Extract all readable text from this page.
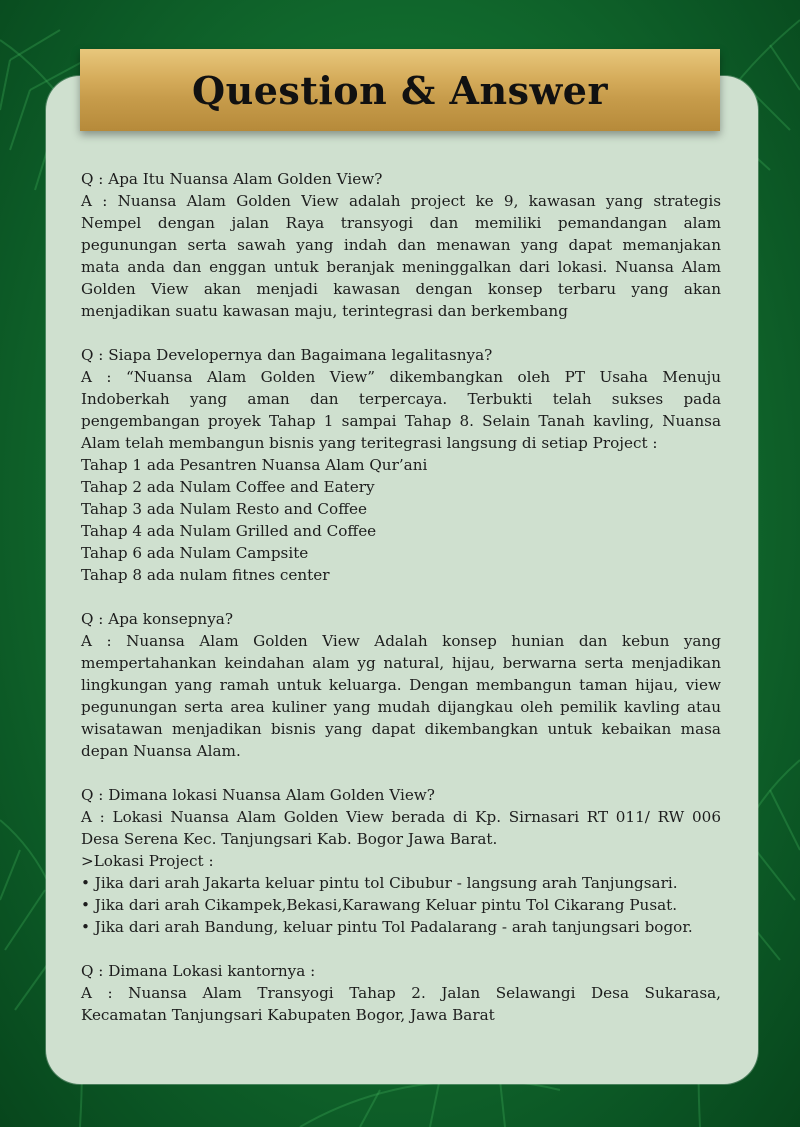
Question & Answer
Q : Apa Itu Nuansa Alam Golden View?
A : Nuansa Alam Golden View adalah project ke 9, kawasan yang strategis
Nempel dengan jalan Raya transyogi dan memiliki pemandangan alam
pegunungan serta sawah yang indah dan menawan yang dapat memanjakan
mata anda dan enggan untuk beranjak meninggalkan dari lokasi. Nuansa Alam
Golden View akan menjadi kawasan dengan konsep terbaru yang akan
menjadikan suatu kawasan maju, terintegrasi dan berkembang
Q : Siapa Developernya dan Bagaimana legalitasnya?
A : “Nuansa Alam Golden View” dikembangkan oleh PT Usaha Menuju
Indoberkah yang aman dan terpercaya. Terbukti telah sukses pada
pengembangan proyek Tahap 1 sampai Tahap 8. Selain Tanah kavling, Nuansa
Alam telah membangun bisnis yang teritegrasi langsung di setiap Project :
Tahap 1 ada Pesantren Nuansa Alam Qur’ani
Tahap 2 ada Nulam Coffee and Eatery
Tahap 3 ada Nulam Resto and Coffee
Tahap 4 ada Nulam Grilled and Coffee
Tahap 6 ada Nulam Campsite
Tahap 8 ada nulam fitnes center
Q : Apa konsepnya?
A : Nuansa Alam Golden View Adalah konsep hunian dan kebun yang
mempertahankan keindahan alam yg natural, hijau, berwarna serta menjadikan
lingkungan yang ramah untuk keluarga. Dengan membangun taman hijau, view
pegunungan serta area kuliner yang mudah dijangkau oleh pemilik kavling atau
wisatawan menjadikan bisnis yang dapat dikembangkan untuk kebaikan masa
depan Nuansa Alam.
Q : Dimana lokasi Nuansa Alam Golden View?
A : Lokasi Nuansa Alam Golden View berada di Kp. Sirnasari RT 011/ RW 006
Desa Serena Kec. Tanjungsari Kab. Bogor Jawa Barat.
>Lokasi Project :
• Jika dari arah Jakarta keluar pintu tol Cibubur - langsung arah Tanjungsari.
• Jika dari arah Cikampek,Bekasi,Karawang Keluar pintu Tol Cikarang Pusat.
• Jika dari arah Bandung, keluar pintu Tol Padalarang - arah tanjungsari bogor.
Q : Dimana Lokasi kantornya :
A : Nuansa Alam Transyogi Tahap 2. Jalan Selawangi Desa Sukarasa,
Kecamatan Tanjungsari Kabupaten Bogor, Jawa Barat
